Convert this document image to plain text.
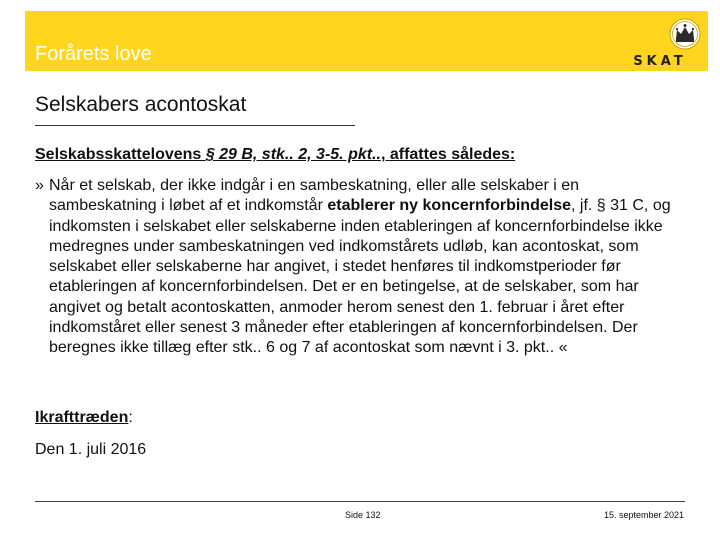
Forårets love	SKAT
Selskabers acontoskat
Selskabsskattelovens § 29 B, stk.. 2, 3-5. pkt.., affattes således:
» Når et selskab, der ikke indgår i en sambeskatning, eller alle selskaber i en sambeskatning i løbet af et indkomstår etablerer ny koncernforbindelse, jf. § 31 C, og indkomsten i selskabet eller selskaberne inden etableringen af koncernforbindelse ikke medregnes under sambeskatningen ved indkomstårets udløb, kan acontoskat, som selskabet eller selskaberne har angivet, i stedet henføres til indkomstperioder før etableringen af koncernforbindelsen. Det er en betingelse, at de selskaber, som har angivet og betalt acontoskatten, anmoder herom senest den 1. februar i året efter indkomståret eller senest 3 måneder efter etableringen af koncernforbindelsen. Der beregnes ikke tillæg efter stk.. 6 og 7 af acontoskat som nævnt i 3. pkt.. «
Ikrafttræden:
Den 1. juli 2016
Side 132	15. september 2021
